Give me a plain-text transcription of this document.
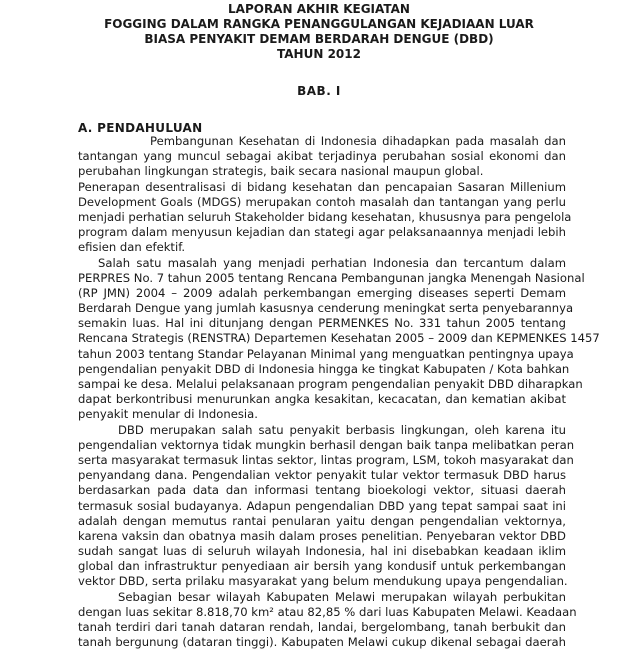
LAPORAN AKHIR KEGIATAN
FOGGING DALAM RANGKA PENANGGULANGAN KEJADIAAN LUAR
BIASA PENYAKIT DEMAM BERDARAH DENGUE (DBD)
TAHUN 2012
BAB. I
A. PENDAHULUAN
Pembangunan Kesehatan di Indonesia dihadapkan pada masalah dan
tantangan yang muncul sebagai akibat terjadinya perubahan sosial ekonomi dan
perubahan lingkungan strategis, baik secara nasional maupun global.
Penerapan desentralisasi di bidang kesehatan dan pencapaian Sasaran Millenium
Development Goals (MDGS) merupakan contoh masalah dan tantangan yang perlu
menjadi perhatian seluruh Stakeholder bidang kesehatan, khususnya para pengelola
program dalam menyusun kejadian dan stategi agar pelaksanaannya menjadi lebih
efisien dan efektif.
Salah satu masalah yang menjadi perhatian Indonesia dan tercantum dalam
PERPRES No. 7 tahun 2005 tentang Rencana Pembangunan jangka Menengah Nasional
(RP JMN) 2004 – 2009 adalah perkembangan emerging diseases seperti Demam
Berdarah Dengue yang jumlah kasusnya cenderung meningkat serta penyebarannya
semakin luas. Hal ini ditunjang dengan PERMENKES No. 331 tahun 2005 tentang
Rencana Strategis (RENSTRA) Departemen Kesehatan 2005 – 2009 dan KEPMENKES 1457
tahun 2003 tentang Standar Pelayanan Minimal yang menguatkan pentingnya upaya
pengendalian penyakit DBD di Indonesia hingga ke tingkat Kabupaten / Kota bahkan
sampai ke desa. Melalui pelaksanaan program pengendalian penyakit DBD diharapkan
dapat berkontribusi menurunkan angka kesakitan, kecacatan, dan kematian akibat
penyakit menular di Indonesia.
DBD merupakan salah satu penyakit berbasis lingkungan, oleh karena itu
pengendalian vektornya tidak mungkin berhasil dengan baik tanpa melibatkan peran
serta masyarakat termasuk lintas sektor, lintas program, LSM, tokoh masyarakat dan
penyandang dana. Pengendalian vektor penyakit tular vektor termasuk DBD harus
berdasarkan pada data dan informasi tentang bioekologi vektor, situasi daerah
termasuk sosial budayanya. Adapun pengendalian DBD yang tepat sampai saat ini
adalah dengan memutus rantai penularan yaitu dengan pengendalian vektornya,
karena vaksin dan obatnya masih dalam proses penelitian. Penyebaran vektor DBD
sudah sangat luas di seluruh wilayah Indonesia, hal ini disebabkan keadaan iklim
global dan infrastruktur penyediaan air bersih yang kondusif untuk perkembangan
vektor DBD, serta prilaku masyarakat yang belum mendukung upaya pengendalian.
Sebagian besar wilayah Kabupaten Melawi merupakan wilayah perbukitan
dengan luas sekitar 8.818,70 km² atau 82,85 % dari luas Kabupaten Melawi. Keadaan
tanah terdiri dari tanah dataran rendah, landai, bergelombang, tanah berbukit dan
tanah bergunung (dataran tinggi). Kabupaten Melawi cukup dikenal sebagai daerah
